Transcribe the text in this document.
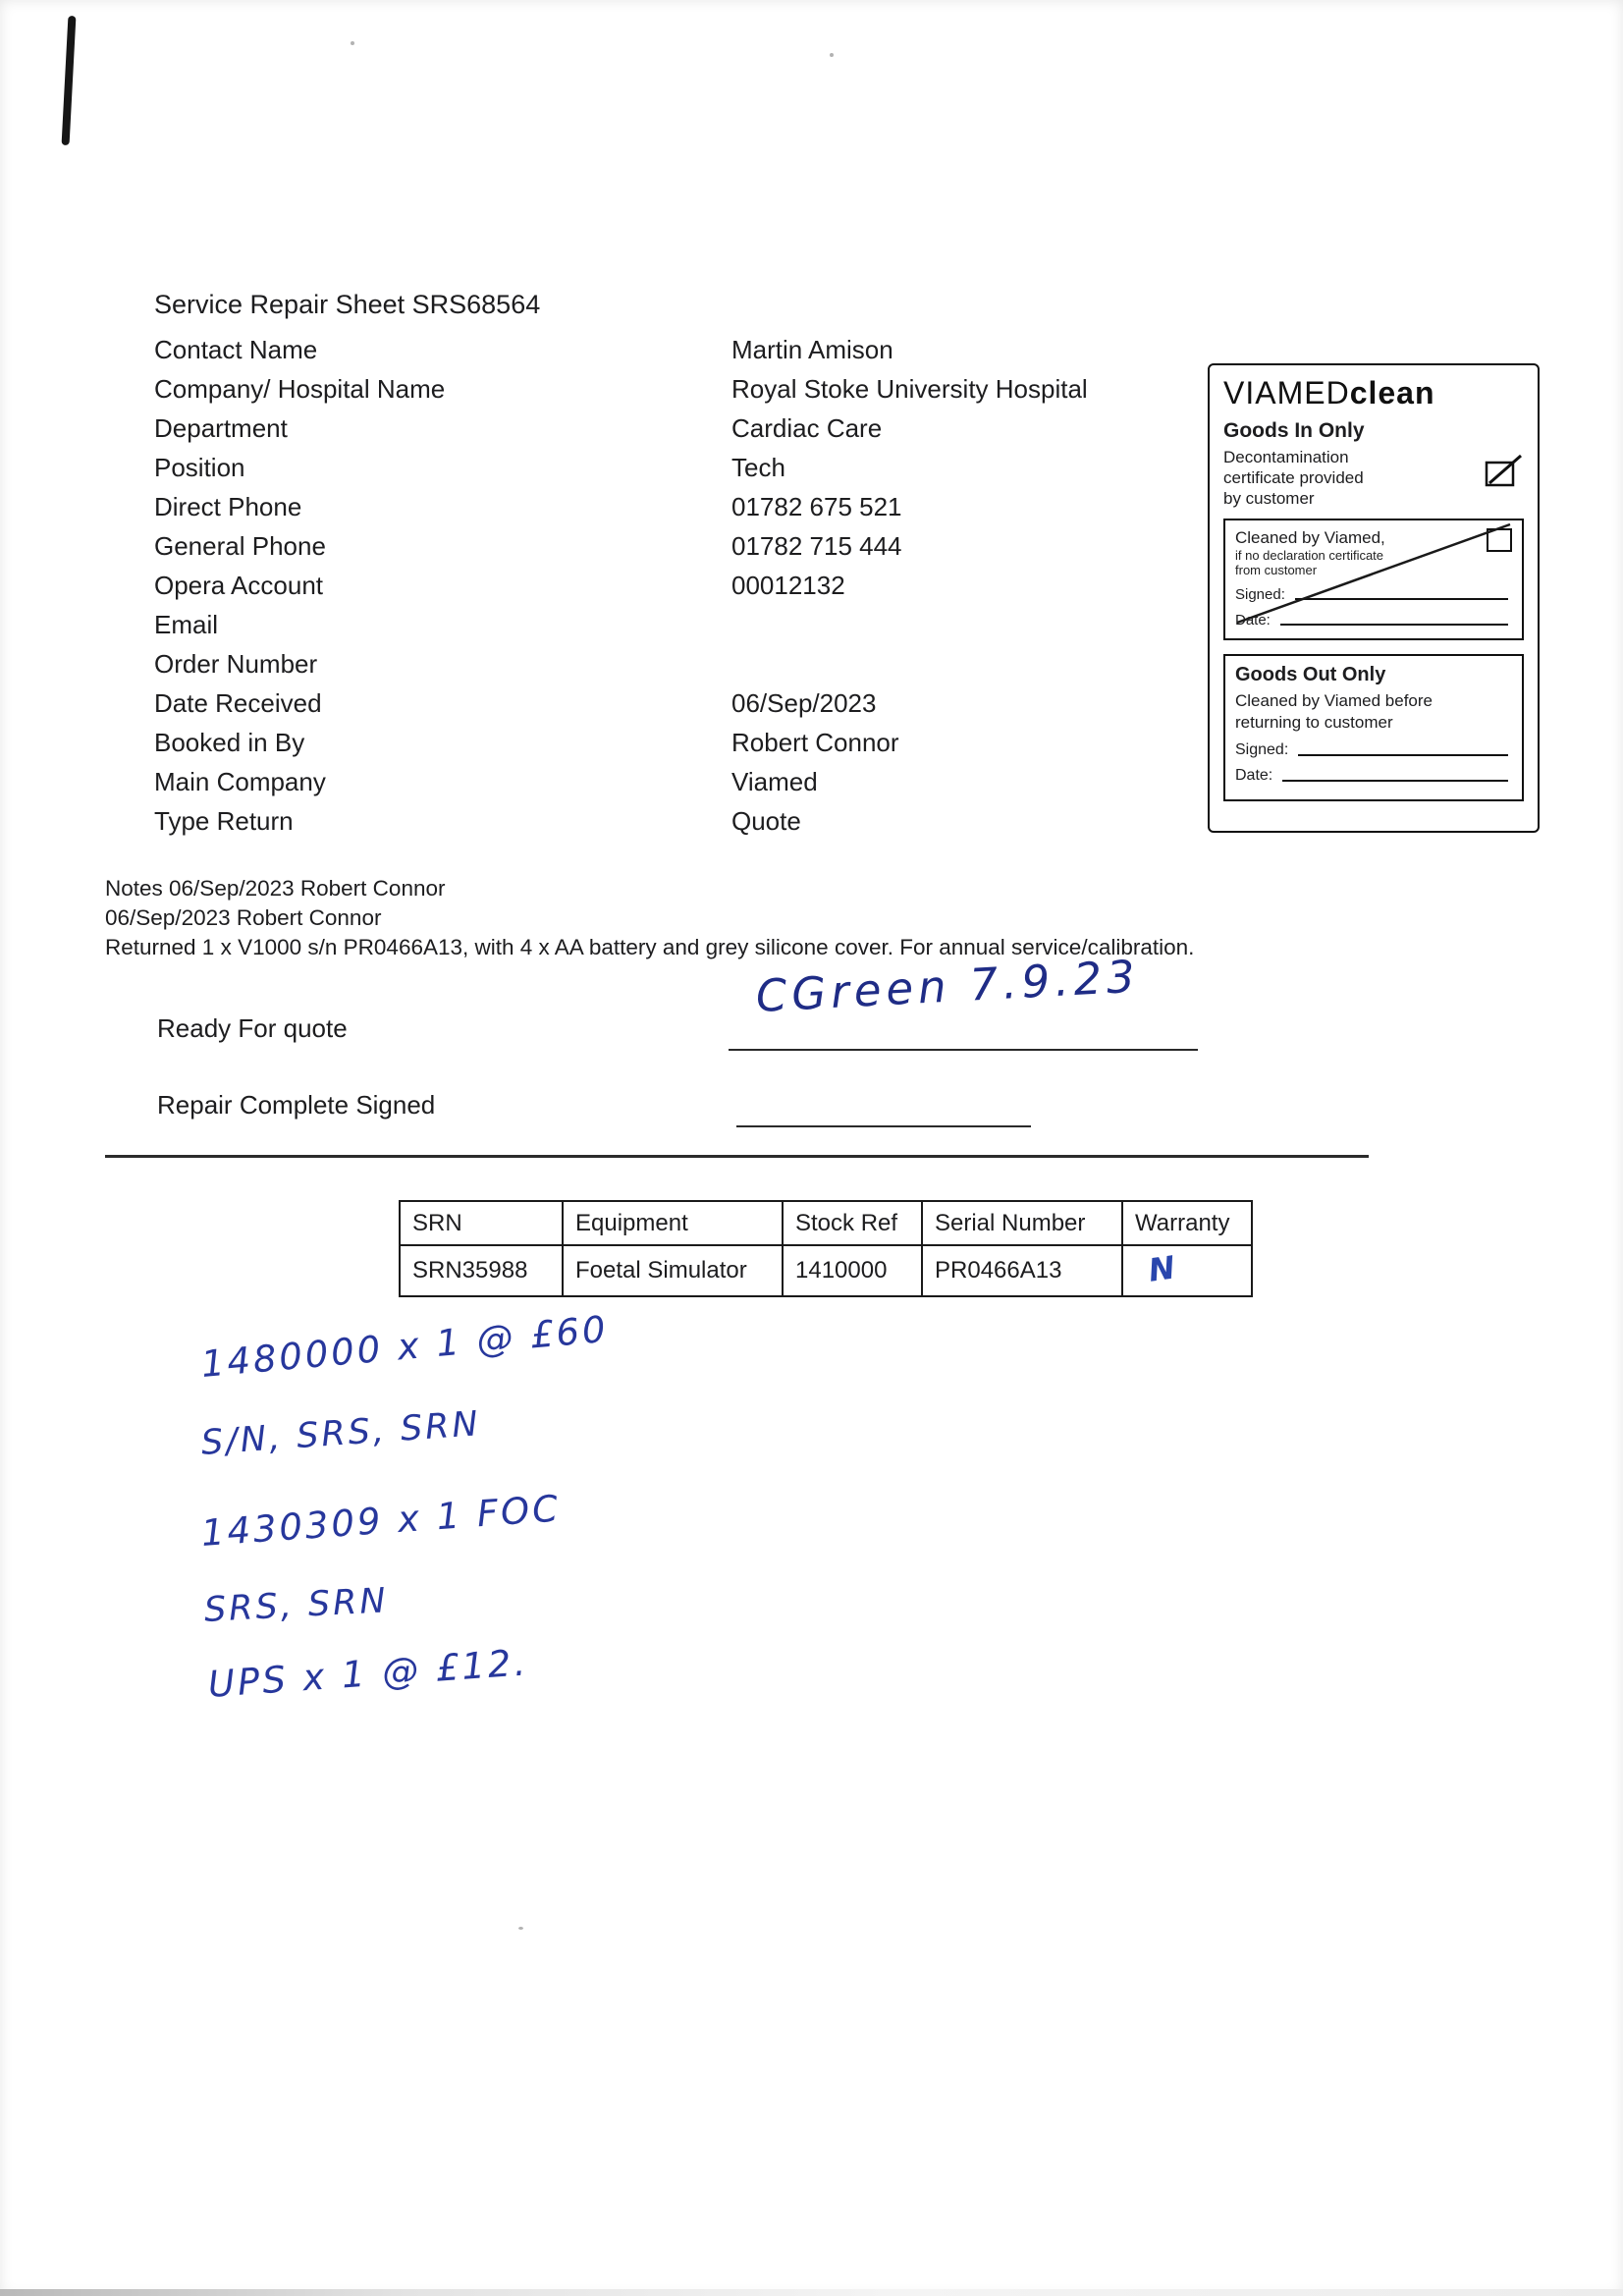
Service Repair Sheet SRS68564
Contact Name	Martin Amison
Company/ Hospital Name	Royal Stoke University Hospital
Department	Cardiac Care
Position	Tech
Direct Phone	01782 675 521
General Phone	01782 715 444
Opera Account	00012132
Email
Order Number
Date Received	06/Sep/2023
Booked in By	Robert Connor
Main Company	Viamed
Type Return	Quote
VIAMEDclean
Goods In Only
Decontamination
certificate provided
by customer
Cleaned by Viamed,
if no declaration certificate
from customer
Signed:
Date:
Goods Out Only
Cleaned by Viamed before
returning to customer
Signed:
Date:
Notes 06/Sep/2023 Robert Connor
06/Sep/2023 Robert Connor
Returned 1 x V1000 s/n PR0466A13, with 4 x AA battery and grey silicone cover. For annual service/calibration.
Ready For quote
CGreen 7.9.23
Repair Complete Signed
SRN	Equipment	Stock Ref	Serial Number	Warranty
SRN35988	Foetal Simulator	1410000	PR0466A13	N
1480000 x 1 @ £60
S/N, SRS, SRN
1430309 x 1 FOC
SRS, SRN
UPS x 1 @ £12.
